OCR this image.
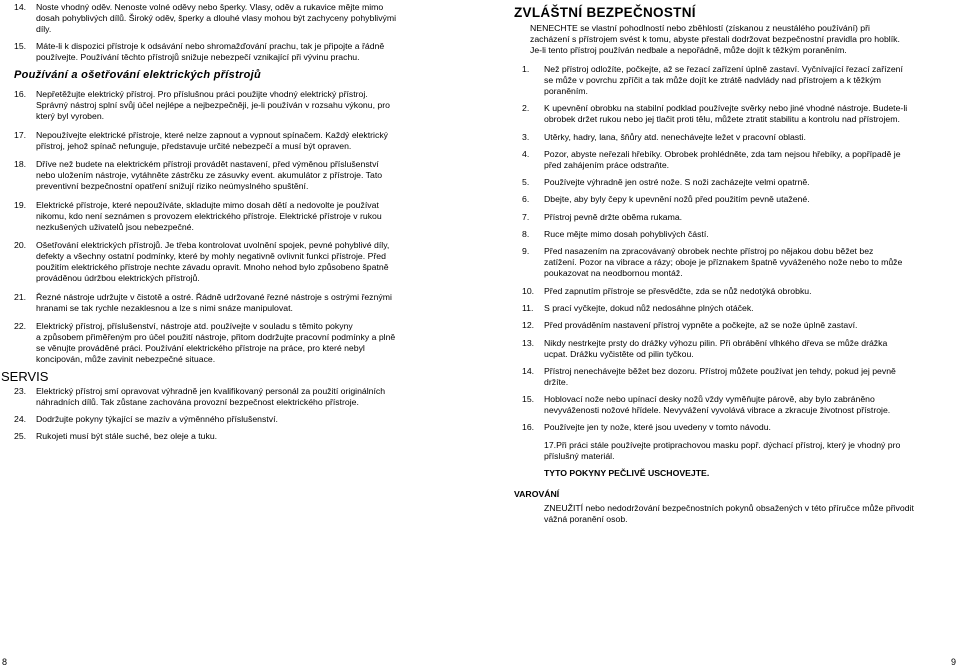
14. Noste vhodný oděv. Nenoste volné oděvy nebo šperky. Vlasy, oděv a rukavice mějte mimo
dosah pohyblivých dílů. Široký oděv, šperky a dlouhé vlasy mohou být zachyceny pohyblivými
díly.
15. Máte-li k dispozici přístroje k odsávání nebo shromažďování prachu, tak je připojte a řádně
používejte. Používání těchto přístrojů snižuje nebezpečí vznikající při vývinu prachu.

Používání a ošetřování elektrických přístrojů

16. Nepřetěžujte elektrický přístroj. Pro příslušnou práci použijte vhodný elektrický přístroj.
Správný nástroj splní svůj účel nejlépe a nejbezpečněji, je-li používán v rozsahu výkonu, pro
který byl vyroben.
17. Nepoužívejte elektrické přístroje, které nelze zapnout a vypnout spínačem. Každý elektrický
přístroj, jehož spínač nefunguje, představuje určité nebezpečí a musí být opraven.
18. Dříve než budete na elektrickém přístroji provádět nastavení, před výměnou příslušenství
nebo uložením nástroje, vytáhněte zástrčku ze zásuvky event. akumulátor z přístroje. Tato
preventivní bezpečnostní opatření snižují riziko neúmyslného spuštění.
19. Elektrické přístroje, které nepoužíváte, skladujte mimo dosah dětí a nedovolte je používat
nikomu, kdo není seznámen s provozem elektrického přístroje. Elektrické přístroje v rukou
nezkušených uživatelů jsou nebezpečné.
20. Ošetřování elektrických přístrojů. Je třeba kontrolovat uvolnění spojek, pevné pohyblivé díly,
defekty a všechny ostatní podmínky, které by mohly negativně ovlivnit funkci přístroje. Před
použitím elektrického přístroje nechte závadu opravit. Mnoho nehod bylo způsobeno špatně
prováděnou údržbou elektrických přístrojů.
21. Řezné nástroje udržujte v čistotě a ostré. Řádně udržované řezné nástroje s ostrými řeznými
hranami se tak rychle nezaklesnou a lze s nimi snáze manipulovat.
22. Elektrický přístroj, příslušenství, nástroje atd. používejte v souladu s těmito pokyny
a způsobem přiměřeným pro účel použití nástroje, přitom dodržujte pracovní podmínky a plně
se věnujte prováděné práci. Používání elektrického přístroje na práce, pro které nebyl
koncipován, může zavinit nebezpečné situace.

SERVIS

23. Elektrický přístroj smí opravovat výhradně jen kvalifikovaný personál za použití originálních
náhradních dílů. Tak zůstane zachována provozní bezpečnost elektrického přístroje.
24. Dodržujte pokyny týkající se mazív a výměnného příslušenství.
25. Rukojeti musí být stále suché, bez oleje a tuku.

ZVLÁŠTNÍ BEZPEČNOSTNÍ

NENECHTE se vlastní pohodlností nebo zběhlostí (získanou z neustálého používání) při
zacházení s přístrojem svést k tomu, abyste přestali dodržovat bezpečnostní pravidla pro hoblík.
Je-li tento přístroj používán nedbale a nepořádně, může dojít k těžkým poraněním.

1. Než přístroj odložíte, počkejte, až se řezací zařízení úplně zastaví. Vyčnívající řezací zařízení
se může v povrchu zpříčit a tak může dojít ke ztrátě nadvlády nad přístrojem a k těžkým
poraněním.
2. K upevnění obrobku na stabilní podklad používejte svěrky nebo jiné vhodné nástroje. Budete-li
obrobek držet rukou nebo jej tlačit proti tělu, můžete ztratit stabilitu a kontrolu nad přístrojem.
3. Utěrky, hadry, lana, šňůry atd. nenechávejte ležet v pracovní oblasti.
4. Pozor, abyste neřezali hřebíky. Obrobek prohlédněte, zda tam nejsou hřebíky, a popřípadě je
před zahájením práce odstraňte.
5. Používejte výhradně jen ostré nože. S noži zacházejte velmi opatrně.
6. Dbejte, aby byly čepy k upevnění nožů před použitím pevně utažené.
7. Přístroj pevně držte oběma rukama.
8. Ruce mějte mimo dosah pohyblivých částí.
9. Před nasazením na zpracovávaný obrobek nechte přístroj po nějakou dobu běžet bez
zatížení. Pozor na vibrace a rázy; oboje je příznakem špatně vyváženého nože nebo to může
poukazovat na neodbornou montáž.
10. Před zapnutím přístroje se přesvědčte, zda se nůž nedotýká obrobku.
11. S prací vyčkejte, dokud nůž nedosáhne plných otáček.
12. Před prováděním nastavení přístroj vypněte a počkejte, až se nože úplně zastaví.
13. Nikdy nestrkejte prsty do drážky výhozu pilin. Při obrábění vlhkého dřeva se může drážka
ucpat. Drážku vyčistěte od pilin tyčkou.
14. Přístroj nenechávejte běžet bez dozoru. Přístroj můžete používat jen tehdy, pokud jej pevně
držíte.
15. Hoblovací nože nebo upínací desky nožů vždy vyměňujte párově, aby bylo zabráněno
nevyváženosti nožové hřídele. Nevyvážení vyvolává vibrace a zkracuje životnost přístroje.
16. Používejte jen ty nože, které jsou uvedeny v tomto návodu.
17.Při práci stále používejte protiprachovou masku popř. dýchací přístroj, který je vhodný pro
příslušný materiál.

TYTO POKYNY PEČLIVĚ USCHOVEJTE.

VAROVÁNÍ

ZNEUŽITÍ nebo nedodržování bezpečnostních pokynů obsažených v této příručce může přivodit
vážná poranění osob.

8	9
